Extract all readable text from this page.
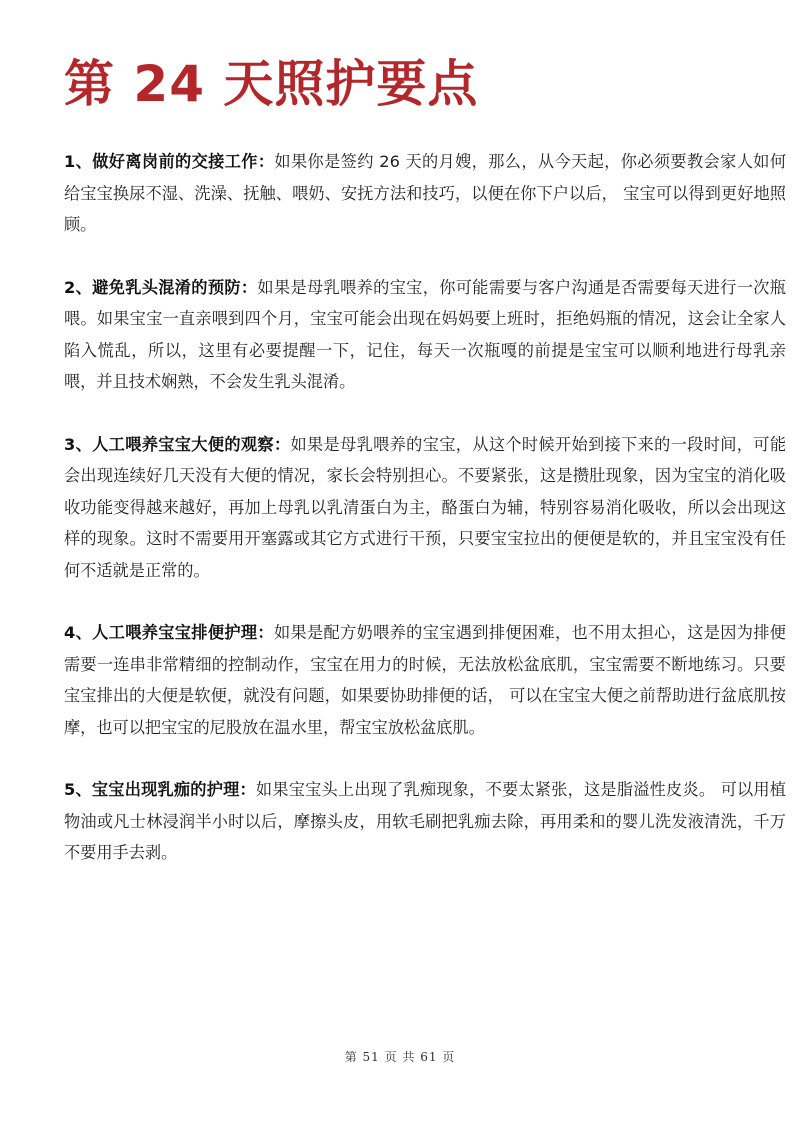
第 24 天照护要点

1、做好离岗前的交接工作：如果你是签约 26 天的月嫂，那么，从今天起，你必须要教会家人如何给宝宝换尿不湿、洗澡、抚触、喂奶、安抚方法和技巧，以便在你下户以后， 宝宝可以得到更好地照顾。

2、避免乳头混淆的预防：如果是母乳喂养的宝宝，你可能需要与客户沟通是否需要每天进行一次瓶喂。如果宝宝一直亲喂到四个月，宝宝可能会出现在妈妈要上班时，拒绝妈瓶的情况，这会让全家人陷入慌乱，所以，这里有必要提醒一下，记住，每天一次瓶嘎的前提是宝宝可以顺利地进行母乳亲喂，并且技术娴熟，不会发生乳头混淆。

3、人工喂养宝宝大便的观察：如果是母乳喂养的宝宝，从这个时候开始到接下来的一段时间，可能会出现连续好几天没有大便的情况，家长会特别担心。不要紧张，这是攒肚现象，因为宝宝的消化吸收功能变得越来越好，再加上母乳以乳清蛋白为主，酪蛋白为辅，特别容易消化吸收，所以会出现这样的现象。这时不需要用开塞露或其它方式进行干预，只要宝宝拉出的便便是软的，并且宝宝没有任何不适就是正常的。

4、人工喂养宝宝排便护理：如果是配方奶喂养的宝宝遇到排便困难，也不用太担心，这是因为排便需要一连串非常精细的控制动作，宝宝在用力的时候，无法放松盆底肌，宝宝需要不断地练习。只要宝宝排出的大便是软便，就没有问题，如果要协助排便的话， 可以在宝宝大便之前帮助进行盆底肌按摩，也可以把宝宝的尼股放在温水里，帮宝宝放松盆底肌。

5、宝宝出现乳痂的护理：如果宝宝头上出现了乳痴现象，不要太紧张，这是脂溢性皮炎。 可以用植物油或凡士林浸润半小时以后，摩擦头皮，用软毛刷把乳痂去除，再用柔和的婴儿洗发液清洗，千万不要用手去剥。

第 51 页 共 61 页
